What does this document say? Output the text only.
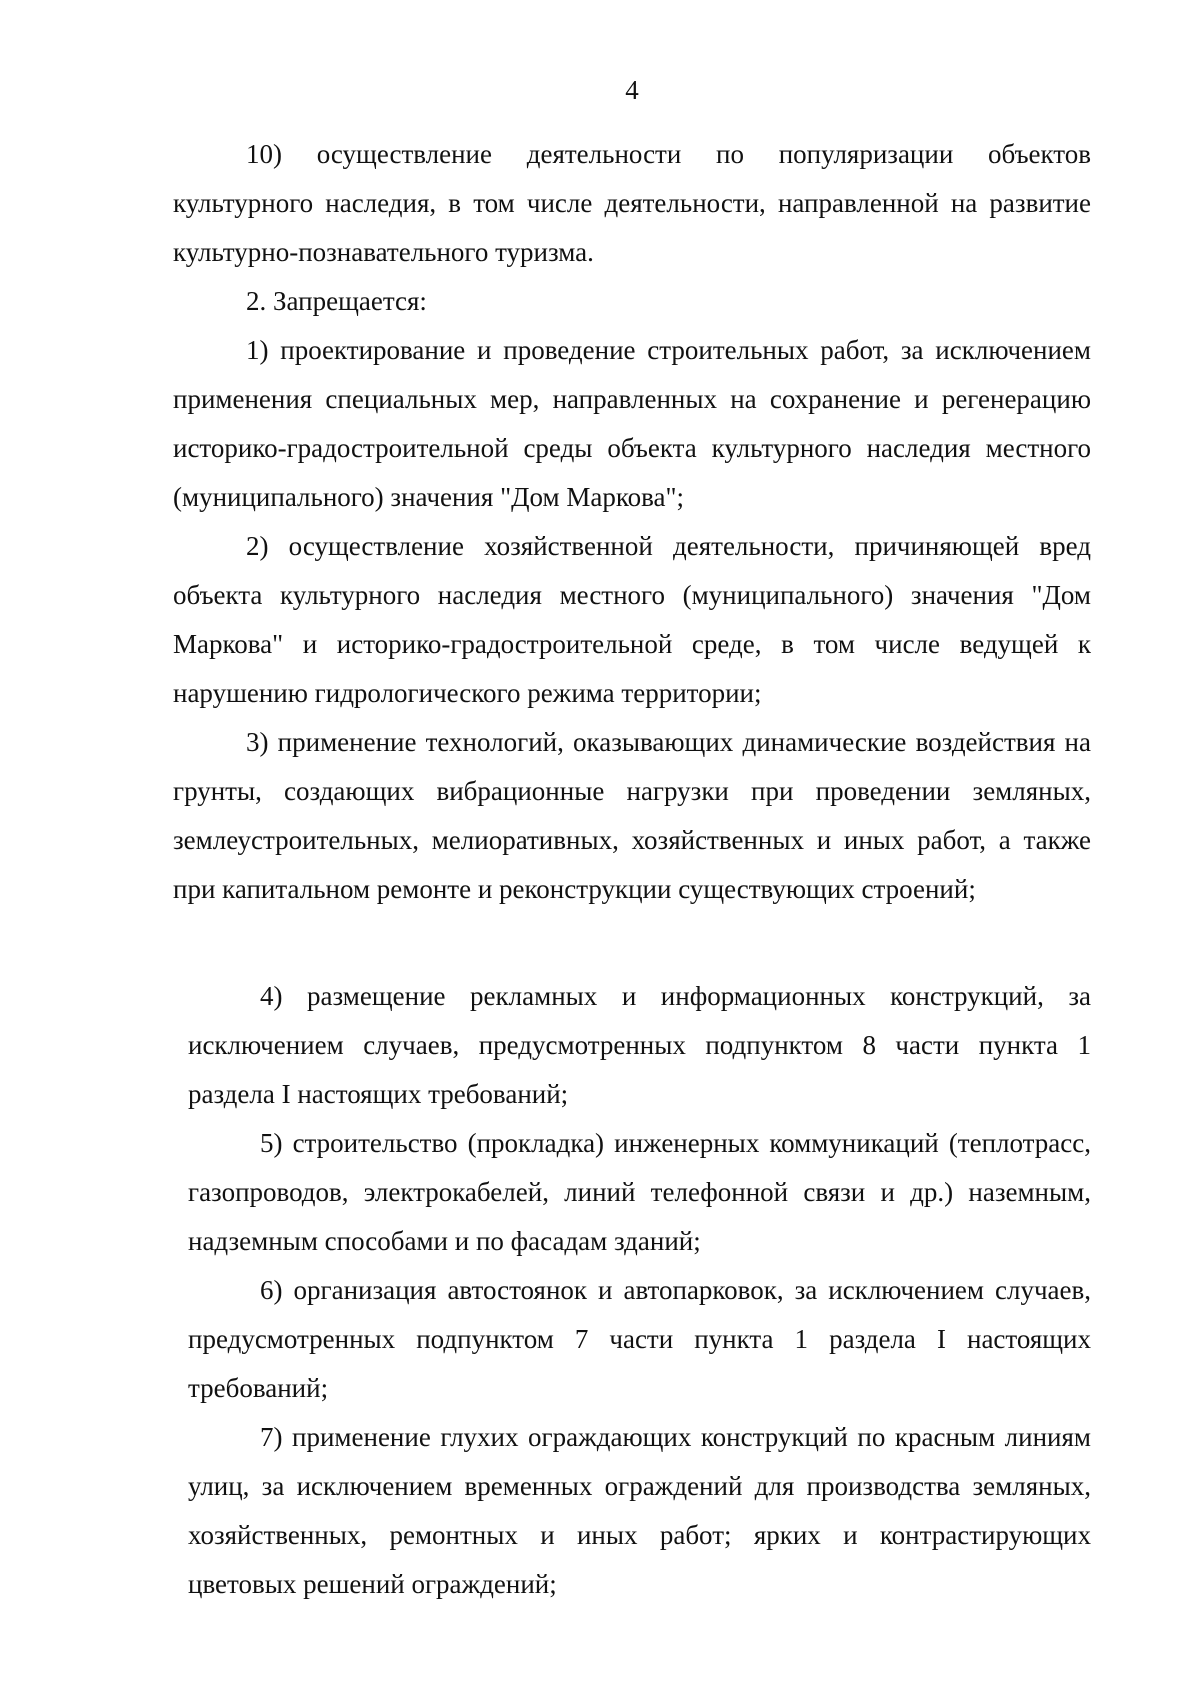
4

10) осуществление деятельности по популяризации объектов культурного наследия, в том числе деятельности, направленной на развитие культурно-познавательного туризма.

2. Запрещается:

1) проектирование и проведение строительных работ, за исключением применения специальных мер, направленных на сохранение и регенерацию историко-градостроительной среды объекта культурного наследия местного (муниципального) значения "Дом Маркова";

2) осуществление хозяйственной деятельности, причиняющей вред объекта культурного наследия местного (муниципального) значения "Дом Маркова" и историко-градостроительной среде, в том числе ведущей к нарушению гидрологического режима территории;

3) применение технологий, оказывающих динамические воздействия на грунты, создающих вибрационные нагрузки при проведении земляных, землеустроительных, мелиоративных, хозяйственных и иных работ, а также при капитальном ремонте и реконструкции существующих строений;

4) размещение рекламных и информационных конструкций, за исключением случаев, предусмотренных подпунктом 8 части пункта 1 раздела I настоящих требований;

5) строительство (прокладка) инженерных коммуникаций (теплотрасс, газопроводов, электрокабелей, линий телефонной связи и др.) наземным, надземным способами и по фасадам зданий;

6) организация автостоянок и автопарковок, за исключением случаев, предусмотренных подпунктом 7 части пункта 1 раздела I настоящих требований;

7) применение глухих ограждающих конструкций по красным линиям улиц, за исключением временных ограждений для производства земляных, хозяйственных, ремонтных и иных работ; ярких и контрастирующих цветовых решений ограждений;
